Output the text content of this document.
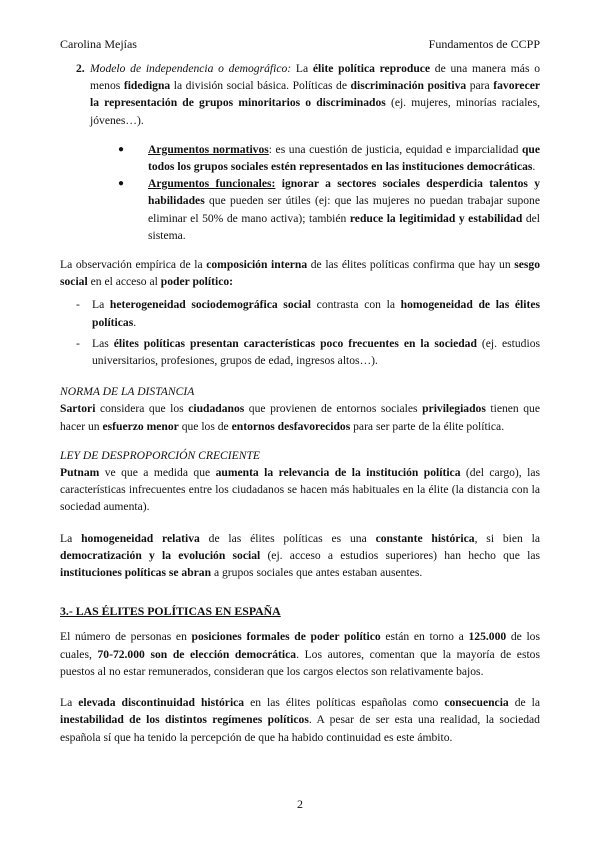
Carolina Mejías	Fundamentos de CCPP
2. Modelo de independencia o demográfico: La élite política reproduce de una manera más o menos fidedigna la división social básica. Políticas de discriminación positiva para favorecer la representación de grupos minoritarios o discriminados (ej. mujeres, minorías raciales, jóvenes…).

● Argumentos normativos: es una cuestión de justicia, equidad e imparcialidad que todos los grupos sociales estén representados en las instituciones democráticas.
● Argumentos funcionales: ignorar a sectores sociales desperdicia talentos y habilidades que pueden ser útiles (ej: que las mujeres no puedan trabajar supone eliminar el 50% de mano activa); también reduce la legitimidad y estabilidad del sistema.

La observación empírica de la composición interna de las élites políticas confirma que hay un sesgo social en el acceso al poder político:

- La heterogeneidad sociodemográfica social contrasta con la homogeneidad de las élites políticas.
- Las élites políticas presentan características poco frecuentes en la sociedad (ej. estudios universitarios, profesiones, grupos de edad, ingresos altos…).
NORMA DE LA DISTANCIA

Sartori considera que los ciudadanos que provienen de entornos sociales privilegiados tienen que hacer un esfuerzo menor que los de entornos desfavorecidos para ser parte de la élite política.

LEY DE DESPROPORCIÓN CRECIENTE

Putnam ve que a medida que aumenta la relevancia de la institución política (del cargo), las características infrecuentes entre los ciudadanos se hacen más habituales en la élite (la distancia con la sociedad aumenta).

La homogeneidad relativa de las élites políticas es una constante histórica, si bien la democratización y la evolución social (ej. acceso a estudios superiores) han hecho que las instituciones políticas se abran a grupos sociales que antes estaban ausentes.

3.- LAS ÉLITES POLÍTICAS EN ESPAÑA

El número de personas en posiciones formales de poder político están en torno a 125.000 de los cuales, 70-72.000 son de elección democrática. Los autores, comentan que la mayoría de estos puestos al no estar remunerados, consideran que los cargos electos son relativamente bajos.

La elevada discontinuidad histórica en las élites políticas españolas como consecuencia de la inestabilidad de los distintos regímenes políticos. A pesar de ser esta una realidad, la sociedad española sí que ha tenido la percepción de que ha habido continuidad es este ámbito.

2
